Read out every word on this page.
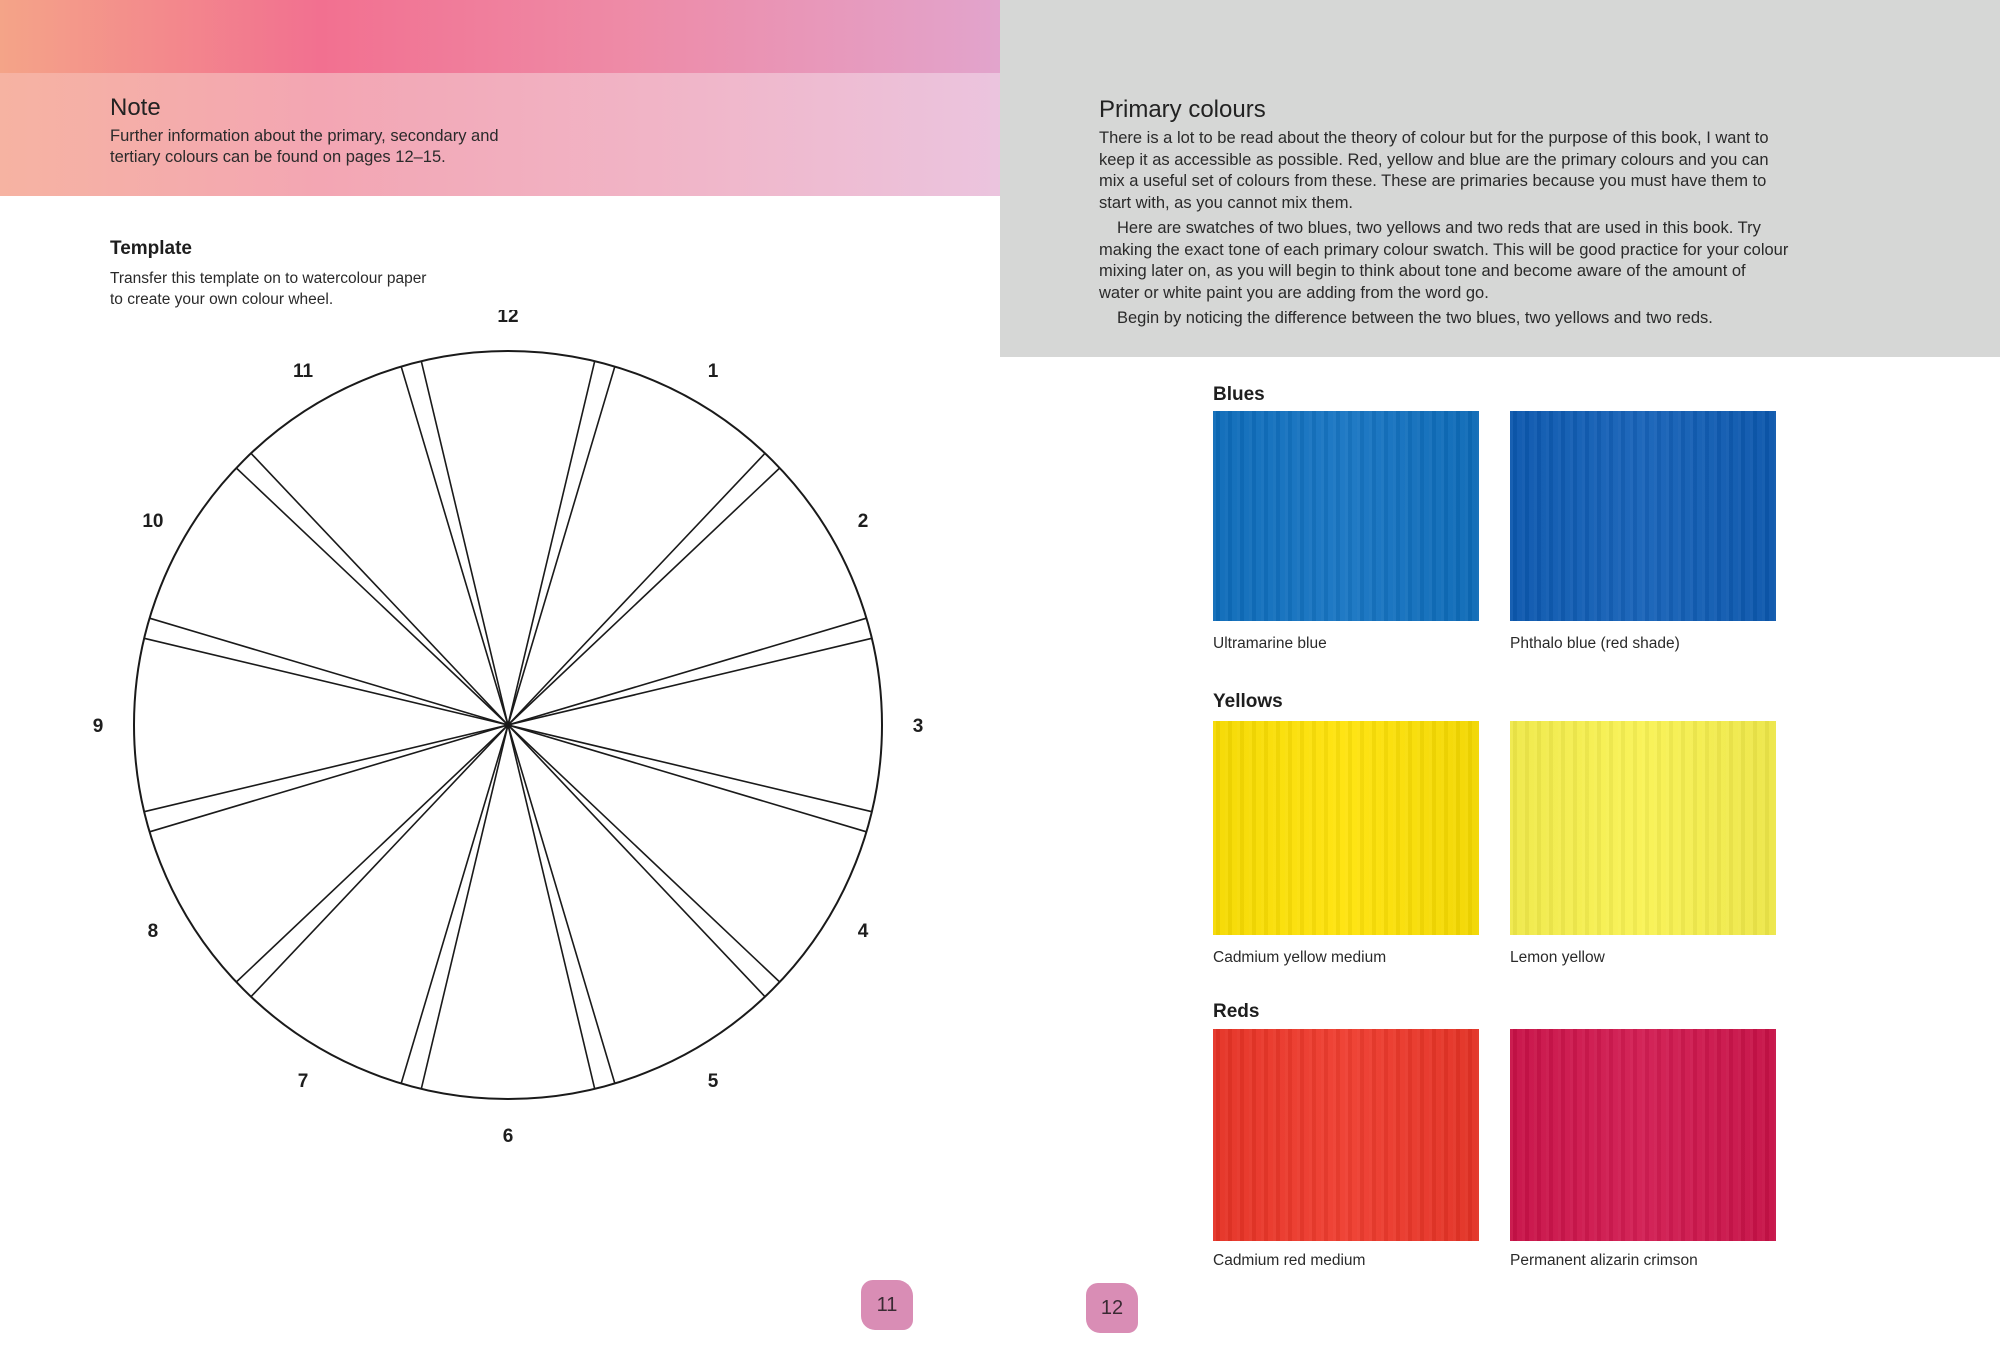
Note
Further information about the primary, secondary and tertiary colours can be found on pages 12–15.
Template
Transfer this template on to watercolour paper to create your own colour wheel.
12
1
2
3
4
5
6
7
8
9
10
11
11
Primary colours

There is a lot to be read about the theory of colour but for the purpose of this book, I want to keep it as accessible as possible. Red, yellow and blue are the primary colours and you can mix a useful set of colours from these. These are primaries because you must have them to start with, as you cannot mix them.

Here are swatches of two blues, two yellows and two reds that are used in this book. Try making the exact tone of each primary colour swatch. This will be good practice for your colour mixing later on, as you will begin to think about tone and become aware of the amount of water or white paint you are adding from the word go.

Begin by noticing the difference between the two blues, two yellows and two reds.

Blues
Ultramarine blue	Phthalo blue (red shade)
Yellows
Cadmium yellow medium	Lemon yellow
Reds
Cadmium red medium	Permanent alizarin crimson
12
